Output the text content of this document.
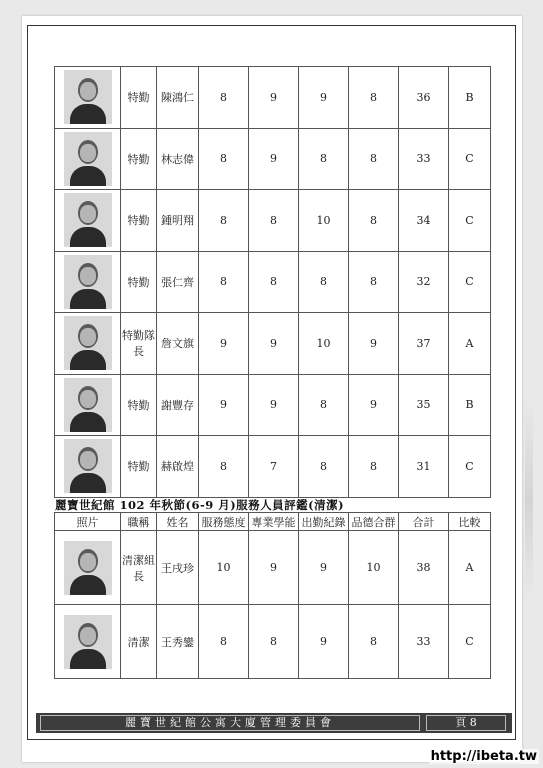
	特勤	陳鴻仁	8	9	9	8	36	B

	特勤	林志偉	8	9	8	8	33	C

	特勤	鍾明翔	8	8	10	8	34	C

	特勤	張仁齊	8	8	8	8	32	C

	特勤隊長	詹文旗	9	9	10	9	37	A

	特勤	謝豐存	9	9	8	9	35	B

	特勤	赫啟煌	8	7	8	8	31	C
麗寶世紀館 102 年秋節(6-9 月)服務人員評鑑(清潔)
照片	職稱	姓名	服務態度	專業學能	出勤紀錄	品德合群	合計	比較

	清潔組長	王戌珍	10	9	9	10	38	A

	清潔	王秀鑾	8	8	9	8	33	C
麗寶世紀館公寓大廈管理委員會	頁 8
http://ibeta.tw
